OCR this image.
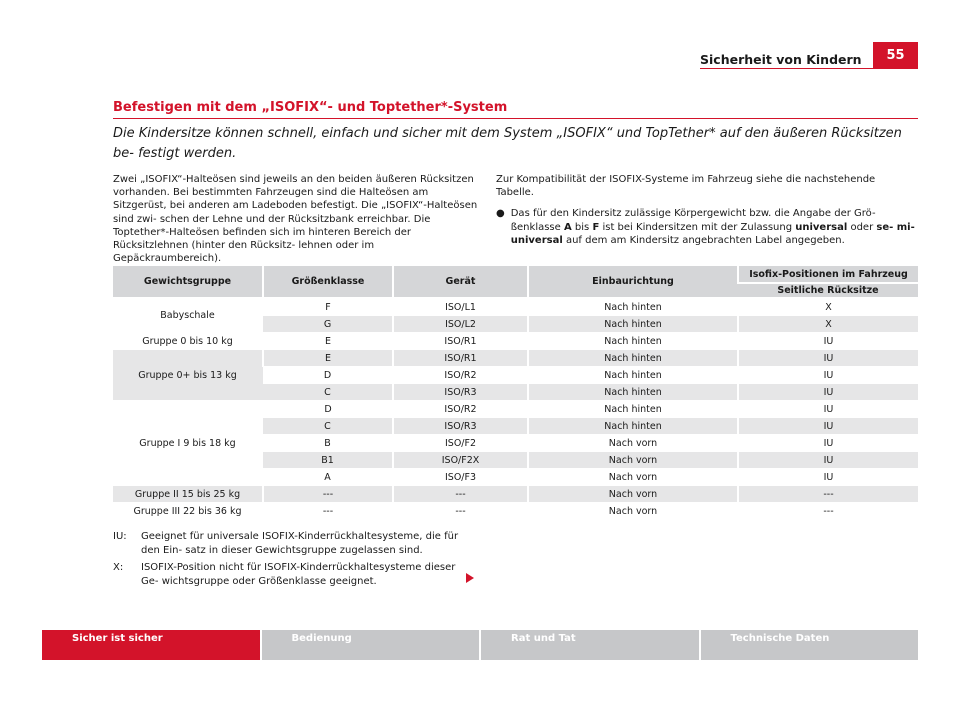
Sicherheit von Kindern	55
Befestigen mit dem „ISOFIX“- und Toptether*-System
Die Kindersitze können schnell, einfach und sicher mit dem System „ISOFIX“ und TopTether* auf den äußeren Rücksitzen be- festigt werden.
Zwei „ISOFIX“-Halteösen sind jeweils an den beiden äußeren Rücksitzen vorhanden. Bei bestimmten Fahrzeugen sind die Halteösen am Sitzgerüst, bei anderen am Ladeboden befestigt. Die „ISOFIX“-Halteösen sind zwi- schen der Lehne und der Rücksitzbank erreichbar. Die Toptether*-Halteösen befinden sich im hinteren Bereich der Rücksitzlehnen (hinter den Rücksitz- lehnen oder im Gepäckraumbereich).

Zur Kompatibilität der ISOFIX-Systeme im Fahrzeug siehe die nachstehende Tabelle.

● Das für den Kindersitz zulässige Körpergewicht bzw. die Angabe der Grö- ßenklasse A bis F ist bei Kindersitzen mit der Zulassung universal oder se- mi-universal auf dem am Kindersitz angebrachten Label angegeben.
Gewichtsgruppe	Größenklasse	Gerät	Einbaurichtung	Isofix-Positionen im Fahrzeug
				Seitliche Rücksitze
Babyschale	F	ISO/L1	Nach hinten	X
	G	ISO/L2	Nach hinten	X
Gruppe 0 bis 10 kg	E	ISO/R1	Nach hinten	IU
Gruppe 0+ bis 13 kg	E	ISO/R1	Nach hinten	IU
	D	ISO/R2	Nach hinten	IU
	C	ISO/R3	Nach hinten	IU
Gruppe I 9 bis 18 kg	D	ISO/R2	Nach hinten	IU
	C	ISO/R3	Nach hinten	IU
	B	ISO/F2	Nach vorn	IU
	B1	ISO/F2X	Nach vorn	IU
	A	ISO/F3	Nach vorn	IU
Gruppe II 15 bis 25 kg	---	---	Nach vorn	---
Gruppe III 22 bis 36 kg	---	---	Nach vorn	---
IU:	Geeignet für universale ISOFIX-Kinderrückhaltesysteme, die für den Ein- satz in dieser Gewichtsgruppe zugelassen sind.
X:	ISOFIX-Position nicht für ISOFIX-Kinderrückhaltesysteme dieser Ge- wichtsgruppe oder Größenklasse geeignet.
Sicher ist sicher	Bedienung	Rat und Tat	Technische Daten
